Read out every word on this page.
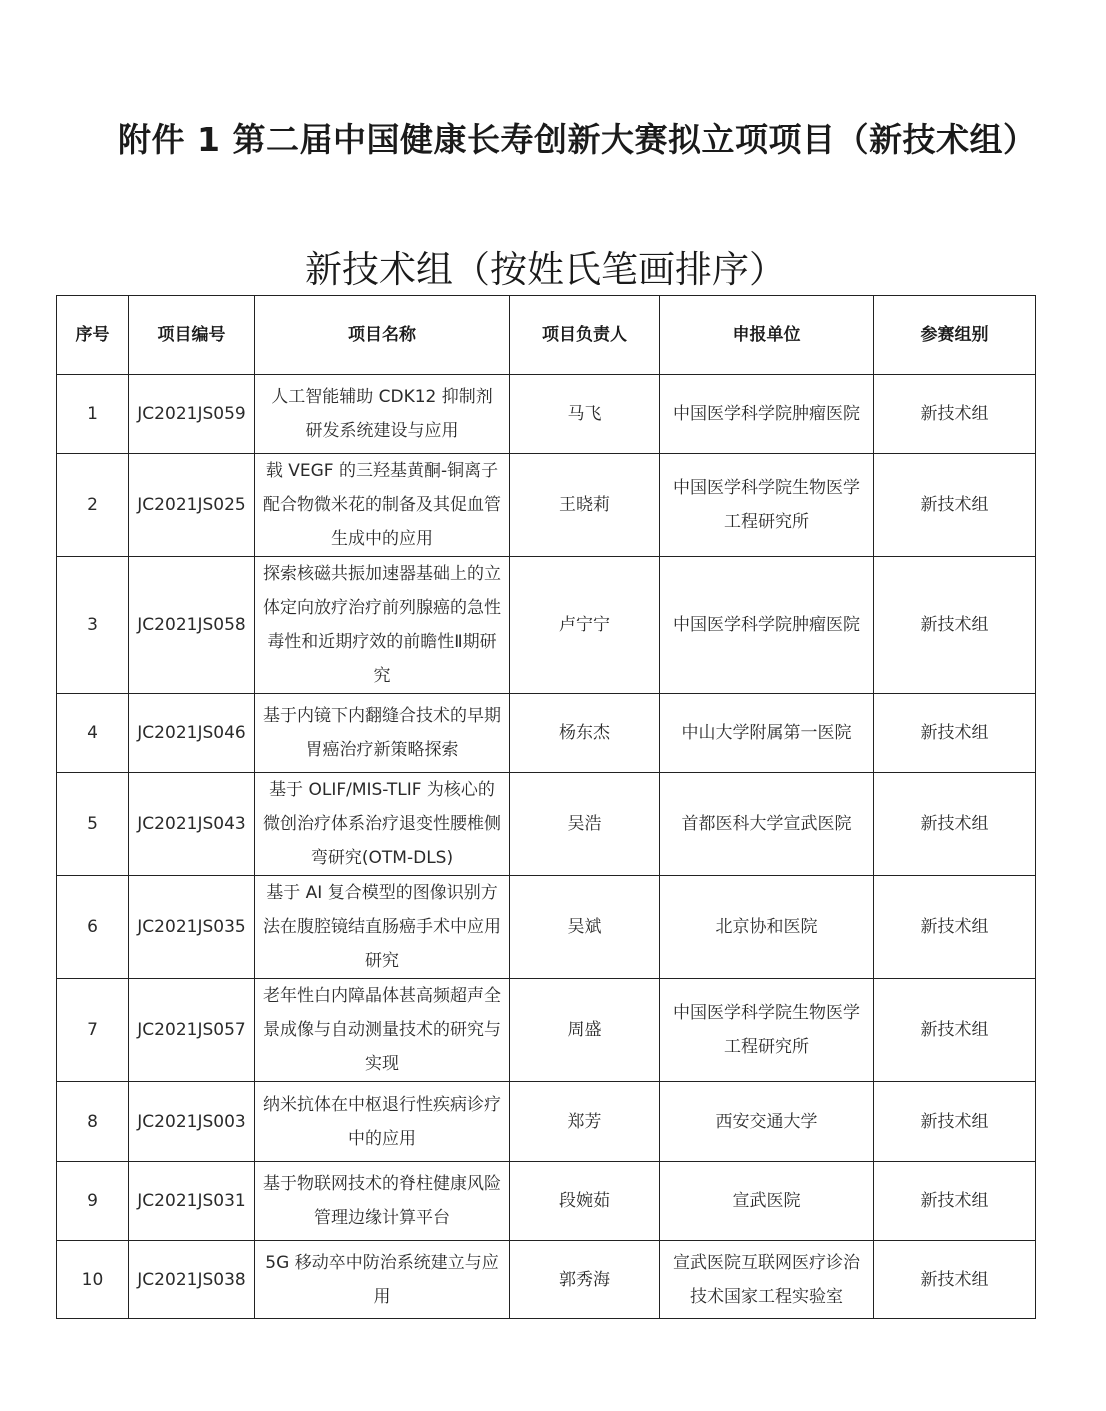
附件 1 第二届中国健康长寿创新大赛拟立项项目（新技术组）
新技术组（按姓氏笔画排序）
序号	项目编号	项目名称	项目负责人	申报单位	参赛组别
1	JC2021JS059	人工智能辅助 CDK12 抑制剂研发系统建设与应用	马飞	中国医学科学院肿瘤医院	新技术组
2	JC2021JS025	载 VEGF 的三羟基黄酮-铜离子配合物微米花的制备及其促血管生成中的应用	王晓莉	中国医学科学院生物医学工程研究所	新技术组
3	JC2021JS058	探索核磁共振加速器基础上的立体定向放疗治疗前列腺癌的急性毒性和近期疗效的前瞻性Ⅱ期研究	卢宁宁	中国医学科学院肿瘤医院	新技术组
4	JC2021JS046	基于内镜下内翻缝合技术的早期胃癌治疗新策略探索	杨东杰	中山大学附属第一医院	新技术组
5	JC2021JS043	基于 OLIF/MIS-TLIF 为核心的微创治疗体系治疗退变性腰椎侧弯研究(OTM-DLS)	吴浩	首都医科大学宣武医院	新技术组
6	JC2021JS035	基于 AI 复合模型的图像识别方法在腹腔镜结直肠癌手术中应用研究	吴斌	北京协和医院	新技术组
7	JC2021JS057	老年性白内障晶体甚高频超声全景成像与自动测量技术的研究与实现	周盛	中国医学科学院生物医学工程研究所	新技术组
8	JC2021JS003	纳米抗体在中枢退行性疾病诊疗中的应用	郑芳	西安交通大学	新技术组
9	JC2021JS031	基于物联网技术的脊柱健康风险管理边缘计算平台	段婉茹	宣武医院	新技术组
10	JC2021JS038	5G 移动卒中防治系统建立与应用	郭秀海	宣武医院互联网医疗诊治技术国家工程实验室	新技术组
